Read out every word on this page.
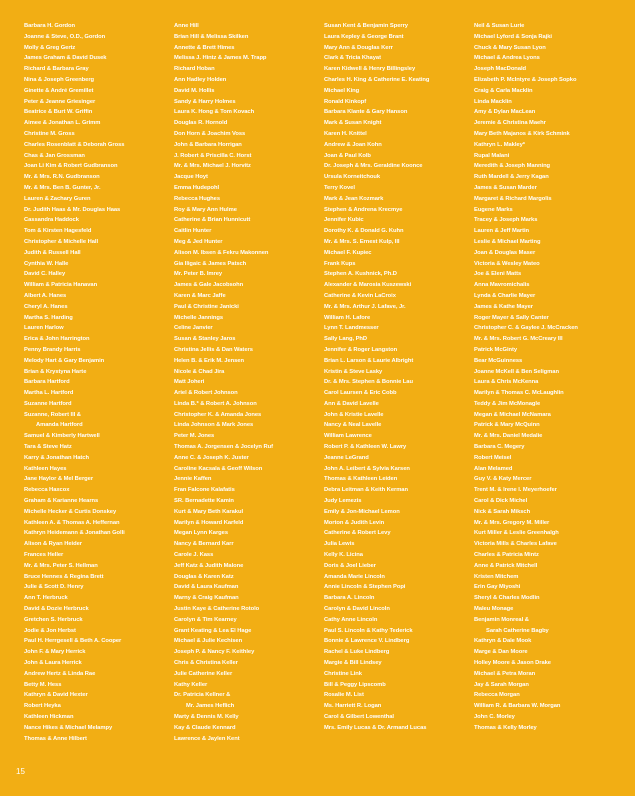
Barbara H. Gordon
Joanne & Steve, O.D., Gordon
Molly & Greg Gertz
James Graham & David Dusek
Richard & Barbara Gray
Nina & Joseph Greenberg
Ginette & André Gremillet
Peter & Jeanne Griesinger
Beatrice & Burt W. Griffin
Aimee & Jonathan L. Grimm
Christine M. Gross
Charles Rosenblatt & Deborah Gross
Chas & Jan Grossman
Joan Li Kim & Robert Gudbranson
Mr. & Mrs. R.N. Gudbranson
Mr. & Mrs. Ben B. Gunter, Jr.
Lauren & Zachary Guren
Dr. Judith Haas & Mr. Douglas Haas
Cassandra Haddock
Tom & Kirsten Hagesfeld
Christopher & Michelle Hall
Judith & Russell Hall
Cynthia W. Halle
David C. Halley
William & Patricia Hanavan
Albert A. Hanes
Cheryl A. Hanes
Martha S. Harding
Lauren Harlow
Erica & John Harrington
Penny Brandy Harris
Melody Hart & Gary Benjamin
Brian & Krystyna Harte
Barbara Hartford
Martha L. Hartford
Suzanne Hartford
Suzanne, Robert III &
Amanda Hartford
Samuel & Kimberly Hartwell
Tara & Steve Hatz
Karry & Jonathan Hatch
Kathleen Hayes
Jane Haylor & Mel Berger
Rebecca Haxcox
Graham & Karianne Hearns
Michelle Hecker & Curtis Donskey
Kathleen A. & Thomas A. Heffernan
Kathryn Heidemann & Jonathan Golli
Alison & Ryan Heider
Frances Heller
Mr. & Mrs. Peter S. Hellman
Bruce Hennes & Regina Brett
Julie & Scott D. Henry
Ann T. Herbruck
David & Dozie Herbruck
Gretchen S. Herbruck
Jodie & Jon Herbst
Paul H. Herrgesell & Beth A. Cooper
John F. & Mary Herrick
John & Laura Herrick
Andrew Hertz & Linda Rae
Betty M. Hess
Kathryn & David Hexter
Robert Heyka
Kathleen Hickman
Nance Hikes & Michael Melampy
Thomas & Anne Hilbert
Anne Hill
Brian Hill & Melissa Skilken
Annette & Brett Himes
Melissa J. Hintz & James M. Trapp
Richard Hoban
Ann Hadley Holden
David M. Hollis
Sandy & Harry Holmes
Laura K. Hong & Tom Kovach
Douglas R. Hornold
Don Horn & Joachim Voss
John & Barbara Horrigan
J. Robert & Priscilla C. Horst
Mr. & Mrs. Michael J. Horvitz
Jacque Hoyt
Emma Hudepohl
Rebecca Hughes
Roy & Mary Ann Hulme
Catherine & Brian Hunnicutt
Caitlin Hunter
Meg & Jed Hunter
Alison M. Ibsen & Fekru Makonnen
Gia Iligaic & James Patsch
Mr. Peter B. Imrey
James & Gale Jacobsohn
Karen & Marc Jaffe
Paul & Christine Janicki
Michelle Jannings
Celine Janvier
Susan & Stanley Jaros
Christina Jellis & Dan Waters
Helen B. & Erik M. Jensen
Nicole & Chad Jira
Matt Joheri
Ariel & Robert Johnson
Linda B.* & Robert A. Johnson
Christopher K. & Amanda Jones
Linda Johnson & Mark Jones
Peter M. Jones
Thomas A. Jorgensen & Jocelyn Ruf
Anne C. & Joseph K. Juster
Caroline Kacsala & Geoff Wilson
Jennie Kaffen
Fran Falcone Kalafatis
SR. Bernadette Kamin
Kurt & Mary Beth Karakul
Marilyn & Howard Karfeld
Megan Lynn Karges
Nancy & Bernard Karr
Carole J. Kass
Jeff Katz & Judith Malone
Douglas & Karen Katz
David & Laura Kaufman
Marny & Craig Kaufman
Justin Kaye & Catherine Rotolo
Carolyn & Tim Kearney
Grant Keating & Lea El Hage
Michael & Julie Kechisen
Joseph P. & Nancy F. Keithley
Chris & Christina Keller
Julie Catherine Keller
Kathy Keller
Dr. Patricia Kellner &
Mr. James Heflich
Marty & Dennis M. Kelly
Kay & Claude Kennard
Lawrence & Jaylen Kent
Susan Kent & Benjamin Sperry
Laura Kepley & George Brant
Mary Ann & Douglas Kerr
Clark & Tricia Khayat
Karen Kidwell & Henry Billingsley
Charles H. King & Catherine E. Keating
Michael King
Ronald Kinkopf
Barbara Klante & Gary Hanson
Mark & Susan Knight
Karen H. Knittel
Andrew & Joan Kohn
Joan & Paul Kolb
Dr. Joseph & Mrs. Geraldine Koonce
Ursula Korneitchouk
Terry Kovel
Mark & Jean Kozmark
Stephen & Andrena Krecmye
Jennifer Kubic
Dorothy K. & Donald G. Kuhn
Mr. & Mrs. S. Ernest Kulp, III
Michael F. Kupiec
Frank Kups
Stephen A. Kushnick, Ph.D
Alexander & Marosia Kuszewski
Catherine & Kevin LaCroix
Mr. & Mrs. Arthur J. Lafave, Jr.
William H. Lafore
Lynn T. Landmesser
Sally Lang, PhD
Jennifer & Roger Langston
Brian L. Larson & Laurie Albright
Kristin & Steve Lasky
Dr. & Mrs. Stephen & Bonnie Lau
Carol Laursen & Eric Cobb
Ann & David Lavelle
John & Kristie Lavelle
Nancy & Neal Lavelle
William Lawrence
Robert P. & Kathleen W. Lawry
Jeanne LeGrand
John A. Leibert & Sylvia Karsen
Thomas & Kathleen Leiden
Debra Leitman & Keith Kerman
Judy Lemezis
Emily & Jon-Michael Lemon
Morton & Judith Levin
Catherine & Robert Levy
Julia Lewis
Kelly K. Licina
Doris & Joel Lieber
Amanda Marie Lincoln
Annie Lincoln & Stephen Popi
Barbara A. Lincoln
Carolyn & David Lincoln
Cathy Anne Lincoln
Paul S. Lincoln & Kathy Tederick
Bonnie & Lawrence V. Lindberg
Rachel & Luke Lindberg
Margie & Bill Lindsey
Christine Link
Bill & Peggy Lipscomb
Rosalie M. List
Ms. Harriett R. Logan
Carol & Gilbert Lowenthal
Mrs. Emily Lucas & Dr. Armand Lucas
Neil & Susan Lurie
Michael Lyford & Sonja Rajki
Chuck & Mary Susan Lyon
Michael & Andrea Lyons
Joseph MacDonald
Elizabeth P. McIntyre & Joseph Sopko
Craig & Carla Macklin
Linda Macklin
Amy & Dylan MacLean
Jeremie & Christina Maehr
Mary Beth Majanos & Kirk Schmink
Kathryn L. Makley*
Rupal Malani
Meredith & Joseph Manning
Ruth Mardell & Jerry Kagan
James & Susan Marder
Margaret & Richard Margolis
Eugene Marks
Tracey & Joseph Marks
Lauren & Jeff Martin
Leslie & Michael Marting
Joan & Douglas Maser
Victoria & Wesley Mateo
Joe & Eleni Matts
Anna Mavromichalis
Lynda & Charlie Mayer
James & Kathe Mayer
Roger Mayer & Sally Canter
Christopher C. & Gaylee J. McCracken
Mr. & Mrs. Robert G. McCreary III
Patrick McGinty
Bear McGuinness
Joanne McKell & Ben Seligman
Laura & Chris McKenna
Marilyn & Thomas C. McLaughlin
Teddy & Jim McMonagle
Megan & Michael McNamara
Patrick & Mary McQuinn
Mr. & Mrs. Daniel Medalie
Barbara C. Megery
Robert Meisel
Alan Melamed
Guy V. & Katy Mercer
Trent M. & Irene I. Meyerhoefer
Carol & Dick Michel
Nick & Sarah Miksch
Mr. & Mrs. Gregory M. Miller
Kurt Miller & Leslie Greenhalgh
Victoria Mills & Charles Lafave
Charles & Patricia Mintz
Anne & Patrick Mitchell
Kristen Mitchem
Erin Gay Miyoshi
Sheryl & Charles Modlin
Maleu Monage
Benjamin Monreal &
Sarah Catherine Bagby
Kathryn & Dale Mook
Marge & Dan Moore
Holley Moore & Jason Drake
Michael & Petra Moran
Jay & Sarah Morgan
Rebecca Morgan
William R. & Barbara W. Morgan
John C. Morley
Thomas & Kelly Morley
15
